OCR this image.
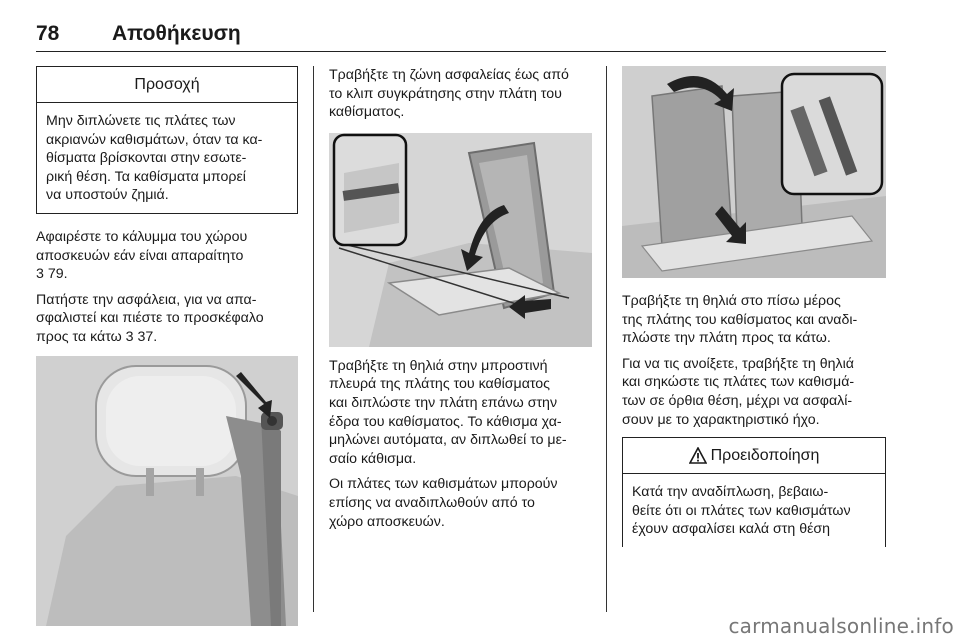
78	Αποθήκευση
Προσοχή
Μην διπλώνετε τις πλάτες των
ακριανών καθισμάτων, όταν τα κα-
θίσματα βρίσκονται στην εσωτε-
ρική θέση. Τα καθίσματα μπορεί
να υποστούν ζημιά.
Αφαιρέστε το κάλυμμα του χώρου
αποσκευών εάν είναι απαραίτητο
3 79.
Πατήστε την ασφάλεια, για να απα-
σφαλιστεί και πιέστε το προσκέφαλο
προς τα κάτω 3 37.
Τραβήξτε τη ζώνη ασφαλείας έως από
το κλιπ συγκράτησης στην πλάτη του
καθίσματος.
Τραβήξτε τη θηλιά στην μπροστινή
πλευρά της πλάτης του καθίσματος
και διπλώστε την πλάτη επάνω στην
έδρα του καθίσματος. Το κάθισμα χα-
μηλώνει αυτόματα, αν διπλωθεί το με-
σαίο κάθισμα.
Οι πλάτες των καθισμάτων μπορούν
επίσης να αναδιπλωθούν από το
χώρο αποσκευών.
Τραβήξτε τη θηλιά στο πίσω μέρος
της πλάτης του καθίσματος και αναδι-
πλώστε την πλάτη προς τα κάτω.
Για να τις ανοίξετε, τραβήξτε τη θηλιά
και σηκώστε τις πλάτες των καθισμά-
των σε όρθια θέση, μέχρι να ασφαλί-
σουν με το χαρακτηριστικό ήχο.
Προειδοποίηση
Κατά την αναδίπλωση, βεβαιω-
θείτε ότι οι πλάτες των καθισμάτων
έχουν ασφαλίσει καλά στη θέση
carmanualsonline.info
